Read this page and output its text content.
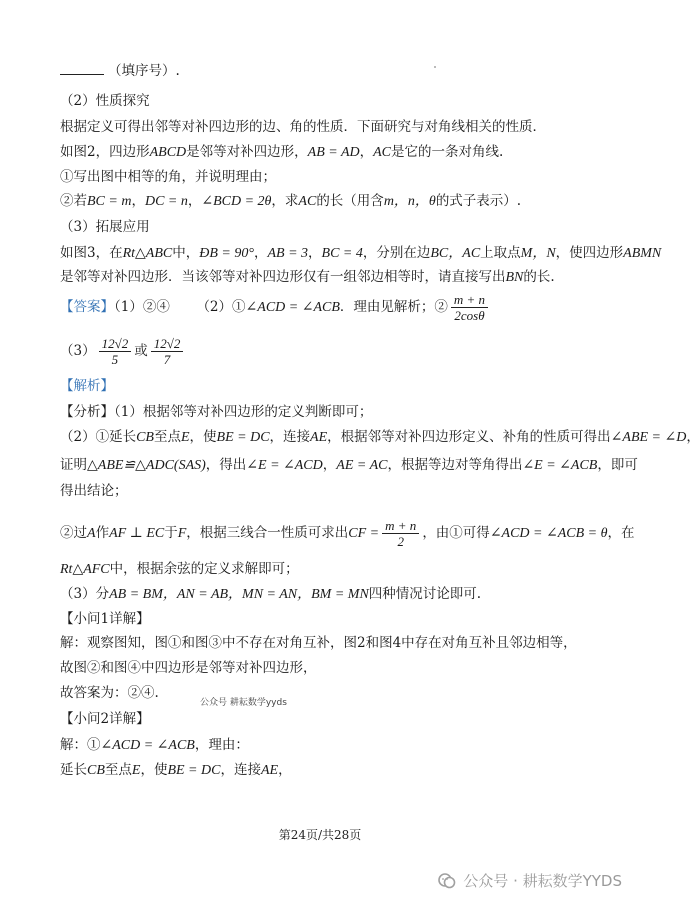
（填序号）.
（2）性质探究
根据定义可得出邻等对补四边形的边、角的性质．下面研究与对角线相关的性质．
如图2，四边形ABCD是邻等对补四边形，AB = AD，AC是它的一条对角线.
①写出图中相等的角，并说明理由；
②若BC = m，DC = n，∠BCD = 2θ，求AC的长（用含m，n，θ的式子表示）.
（3）拓展应用
如图3，在Rt△ABC中，ÐB = 90°，AB = 3，BC = 4，分别在边BC，AC上取点M，N，使四边形ABMN
是邻等对补四边形．当该邻等对补四边形仅有一组邻边相等时，请直接写出BN的长.
【答案】（1）②④ （2）①∠ACD = ∠ACB．理由见解析；② $\frac{m + n}{2\cos\theta}$
$(3) \frac{12√2}{5}$ 或 $\frac{12√2}{7}$
【解析】
【分析】（1）根据邻等对补四边形的定义判断即可；
（2）①延长CB至点E，使BE = DC，连接AE，根据邻等对补四边形定义、补角的性质可得出∠ABE = ∠D，
证明△ABE≌△ADC(SAS)，得出∠E = ∠ACD，AE = AC，根据等边对等角得出∠E = ∠ACB，即可
得出结论；
②过A作AF ⊥ EC于F，根据三线合一性质可求出CF = $\frac{m + n}{2}$ ，由①可得∠ACD = ∠ACB = θ，在
Rt△AFC中，根据余弦的定义求解即可；
（3）分AB = BM，AN = AB，MN = AN，BM = MN四种情况讨论即可.
【小问1详解】
解：观察图知，图①和图③中不存在对角互补，图2和图4中存在对角互补且邻边相等，
故图②和图④中四边形是邻等对补四边形，
故答案为：②④.
公众号 耕耘数学yyds
【小问2详解】
解：①∠ACD = ∠ACB，理由：
延长CB至点E，使BE = DC，连接AE，
第24页/共28页
公众号 · 耕耘数学YYDS
